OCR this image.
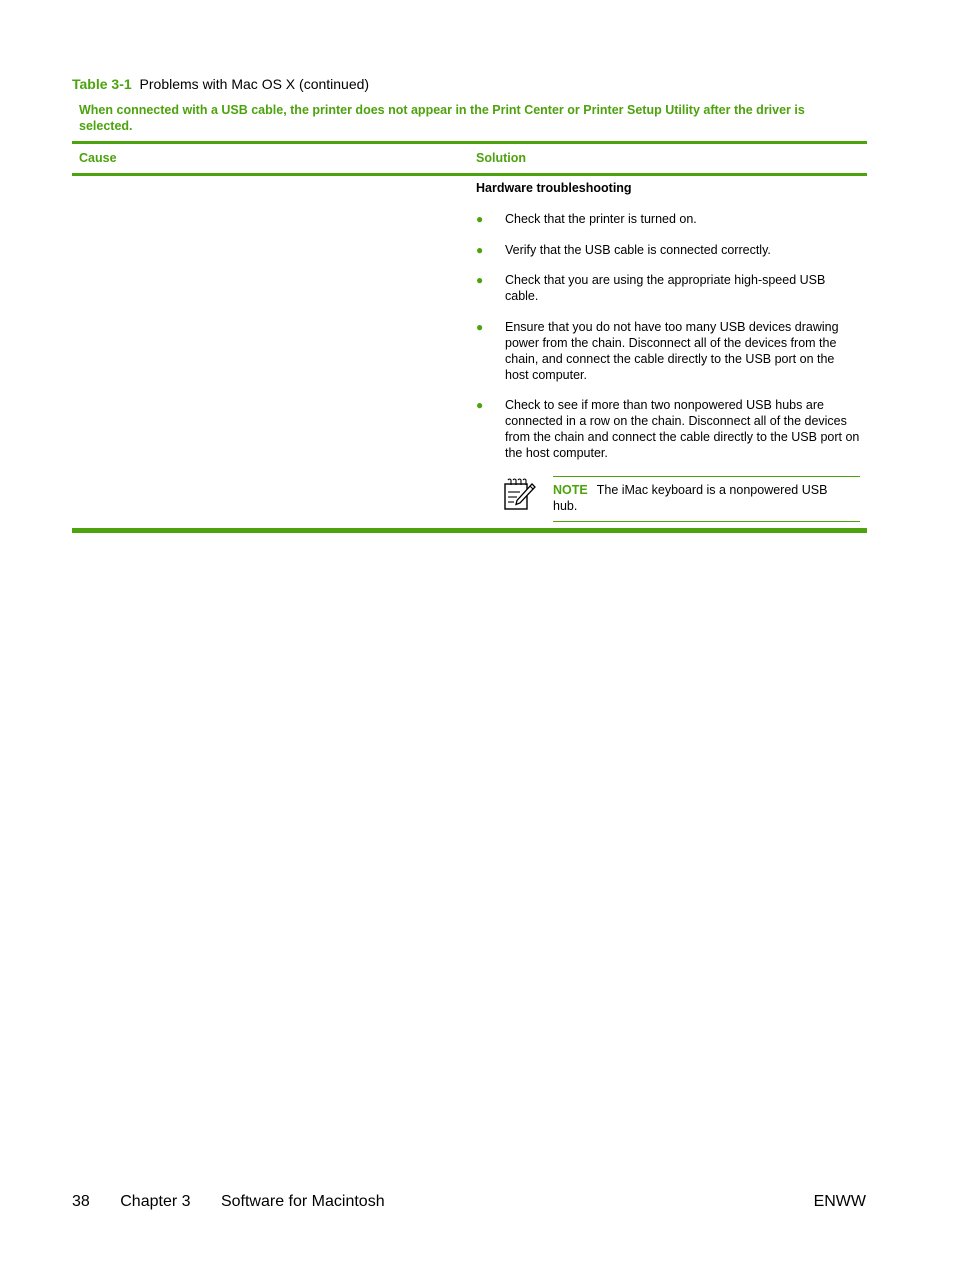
Table 3-1 Problems with Mac OS X (continued)
When connected with a USB cable, the printer does not appear in the Print Center or Printer Setup Utility after the driver is selected.
Cause	Solution
Hardware troubleshooting
● Check that the printer is turned on.
● Verify that the USB cable is connected correctly.
● Check that you are using the appropriate high-speed USB cable.
● Ensure that you do not have too many USB devices drawing power from the chain. Disconnect all of the devices from the chain, and connect the cable directly to the USB port on the host computer.
● Check to see if more than two nonpowered USB hubs are connected in a row on the chain. Disconnect all of the devices from the chain and connect the cable directly to the USB port on the host computer.
NOTE The iMac keyboard is a nonpowered USB hub.
38 Chapter 3 Software for Macintosh	ENWW
